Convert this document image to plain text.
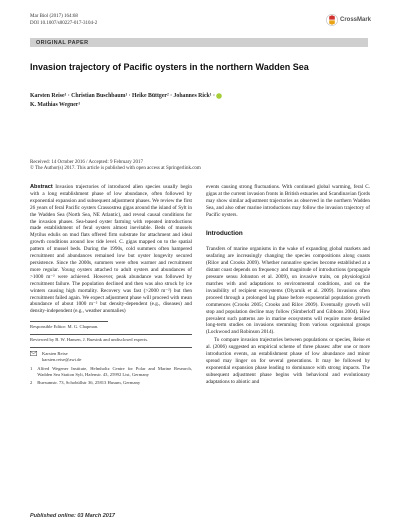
Mar Biol (2017) 164:68
DOI 10.1007/s00227-017-3104-2
CrossMark
ORIGINAL PAPER
Invasion trajectory of Pacific oysters in the northern Wadden Sea
Karsten Reise¹ · Christian Buschbaum¹ · Heike Büttger² · Johannes Rick¹ ·
K. Mathias Wegner¹
Received: 14 October 2016 / Accepted: 9 February 2017
© The Author(s) 2017. This article is published with open access at Springerlink.com

Abstract Invasion trajectories of introduced alien species usually begin with a long establishment phase of low abundance, often followed by exponential expansion and subsequent adjustment phases. We review the first 26 years of feral Pacific oysters Crassostrea gigas around the island of Sylt in the Wadden Sea (North Sea, NE Atlantic), and reveal causal conditions for the invasion phases. Sea-based oyster farming with repeated introductions made establishment of feral oysters almost inevitable. Beds of mussels Mytilus edulis on mud flats offered firm substrate for attachment and ideal growth conditions around low tide level. C. gigas mapped on to the spatial pattern of mussel beds. During the 1990s, cold summers often hampered recruitment and abundances remained low but oyster longevity secured persistence. Since the 2000s, summers were often warmer and recruitment more regular. Young oysters attached to adult oysters and abundances of >1000 m⁻² were achieved. However, peak abundance was followed by recruitment failure. The population declined and then was also struck by ice winters causing high mortality. Recovery was fast (>2000 m⁻²) but then recruitment failed again. We expect adjustment phase will proceed with mean abundance of about 1000 m⁻² but density-dependent (e.g., diseases) and density-independent (e.g., weather anomalies)

Responsible Editor: M. G. Chapman.
Reviewed by B. W. Hansen, J. Buesink and undisclosed experts.
Karsten Reise
karsten.reise@awi.de
1 Alfred Wegener Institute, Helmholtz Centre for Polar and Marine Research, Wadden Sea Station Sylt, Hafenstr. 43, 25992 List, Germany
2 Buesumstr. 73, Schobüllstr 36, 25813 Husum, Germany

events causing strong fluctuations. With continued global warming, feral C. gigas at the current invasion fronts in British estuaries and Scandinavian fjords may show similar adjustment trajectories as observed in the northern Wadden Sea, and also other marine introductions may follow the invasion trajectory of Pacific oysters.

Introduction

Transfers of marine organisms in the wake of expanding global markets and seafaring are increasingly changing the species compositions along coasts (Rilov and Crooks 2009). Whether nonnative species become established at a distant coast depends on frequency and magnitude of introductions (propagule pressure sensu Johnston et al. 2009), on invasive traits, on physiological matches with and adaptations to environmental conditions, and on the invasibility of recipient ecosystems (Olyarnik et al. 2009). Invasions often proceed through a prolonged lag phase before exponential population growth commences (Crooks 2005; Crooks and Rilov 2009). Eventually growth will stop and population decline may follow (Simberloff and Gibbons 2004). How prevalent such patterns are in marine ecosystems will require more detailed long-term studies on invasions stemming from various organismal groups (Lockwood and Robinson 2014).

To compare invasion trajectories between populations or species, Reise et al. (2006) suggested an empirical scheme of three phases: after one or more introduction events, an establishment phase of low abundance and minor spread may linger on for several generations. It may be followed by exponential expansion phase leading to dominance with strong impacts. The subsequent adjustment phase begins with behavioral and evolutionary adaptations to abiotic and

Published online: 03 March 2017
